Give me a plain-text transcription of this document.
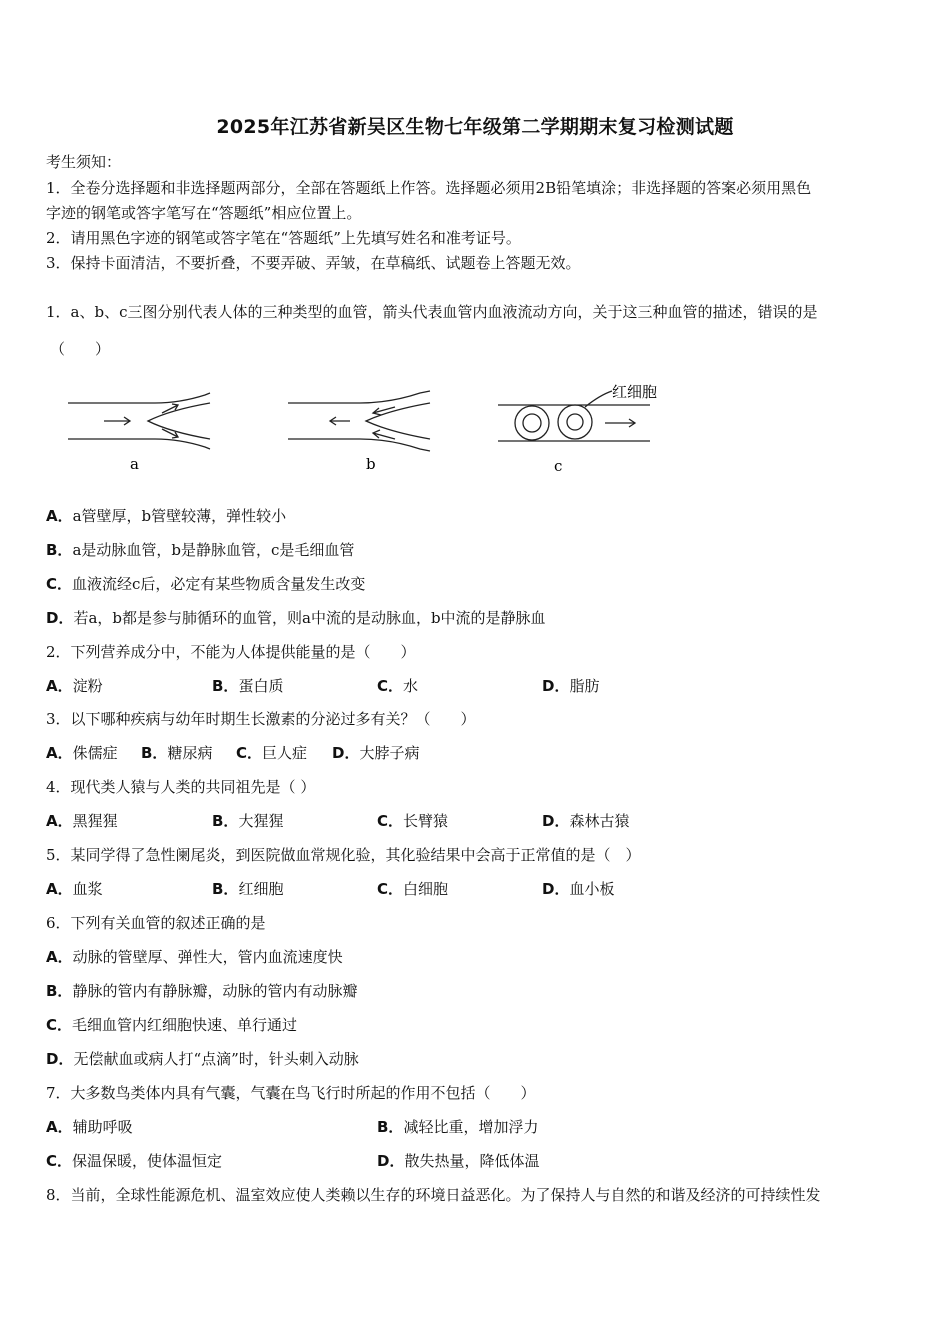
2025年江苏省新吴区生物七年级第二学期期末复习检测试题
考生须知：
1．全卷分选择题和非选择题两部分，全部在答题纸上作答。选择题必须用2B铅笔填涂；非选择题的答案必须用黑色
字迹的钢笔或答字笔写在“答题纸”相应位置上。
2．请用黑色字迹的钢笔或答字笔在“答题纸”上先填写姓名和准考证号。
3．保持卡面清洁，不要折叠，不要弄破、弄皱，在草稿纸、试题卷上答题无效。
1．a、b、c三图分别代表人体的三种类型的血管，箭头代表血管内血液流动方向，关于这三种血管的描述，错误的是
（　　）
a	b
红细胞
c
A．a管壁厚，b管壁较薄，弹性较小
B．a是动脉血管，b是静脉血管，c是毛细血管
C．血液流经c后，必定有某些物质含量发生改变
D．若a，b都是参与肺循环的血管，则a中流的是动脉血，b中流的是静脉血
2．下列营养成分中，不能为人体提供能量的是（　　）
A．淀粉	B．蛋白质	C．水	D．脂肪
3．以下哪种疾病与幼年时期生长激素的分泌过多有关？（　　）
A．侏儒症 B．糖尿病 C．巨人症 D．大脖子病
4．现代类人猿与人类的共同祖先是（ ）
A．黑猩猩	B．大猩猩	C．长臂猿	D．森林古猿
5．某同学得了急性阑尾炎，到医院做血常规化验，其化验结果中会高于正常值的是（　）
A．血浆	B．红细胞	C．白细胞	D．血小板
6．下列有关血管的叙述正确的是
A．动脉的管壁厚、弹性大，管内血流速度快
B．静脉的管内有静脉瓣，动脉的管内有动脉瓣
C．毛细血管内红细胞快速、单行通过
D．无偿献血或病人打“点滴”时，针头刺入动脉
7．大多数鸟类体内具有气囊，气囊在鸟飞行时所起的作用不包括（　　）
A．辅助呼吸	B．减轻比重，增加浮力
C．保温保暖，使体温恒定	D．散失热量，降低体温
8．当前，全球性能源危机、温室效应使人类赖以生存的环境日益恶化。为了保持人与自然的和谐及经济的可持续性发
